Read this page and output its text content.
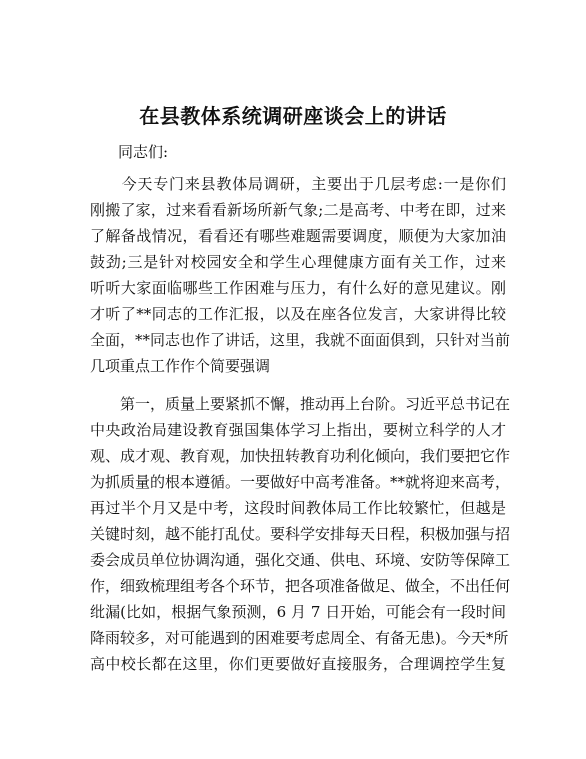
在县教体系统调研座谈会上的讲话
同志们:
　　今天专门来县教体局调研，主要出于几层考虑:一是你们
刚搬了家，过来看看新场所新气象;二是高考、中考在即，过来
了解备战情况，看看还有哪些难题需要调度，顺便为大家加油
鼓劲;三是针对校园安全和学生心理健康方面有关工作，过来
听听大家面临哪些工作困难与压力，有什么好的意见建议。刚
才听了**同志的工作汇报，以及在座各位发言，大家讲得比较
全面，**同志也作了讲话，这里，我就不面面俱到，只针对当前
几项重点工作作个简要强调
　　第一，质量上要紧抓不懈，推动再上台阶。习近平总书记在
中央政治局建设教育强国集体学习上指出，要树立科学的人才
观、成才观、教育观，加快扭转教育功利化倾向，我们要把它作
为抓质量的根本遵循。一要做好中高考准备。**就将迎来高考，
再过半个月又是中考，这段时间教体局工作比较繁忙，但越是
关键时刻，越不能打乱仗。要科学安排每天日程，积极加强与招
委会成员单位协调沟通，强化交通、供电、环境、安防等保障工
作，细致梳理组考各个环节，把各项准备做足、做全，不出任何
纰漏(比如，根据气象预测，6 月 7 日开始，可能会有一段时间
降雨较多，对可能遇到的困难要考虑周全、有备无患)。今天*所
高中校长都在这里，你们更要做好直接服务，合理调控学生复
